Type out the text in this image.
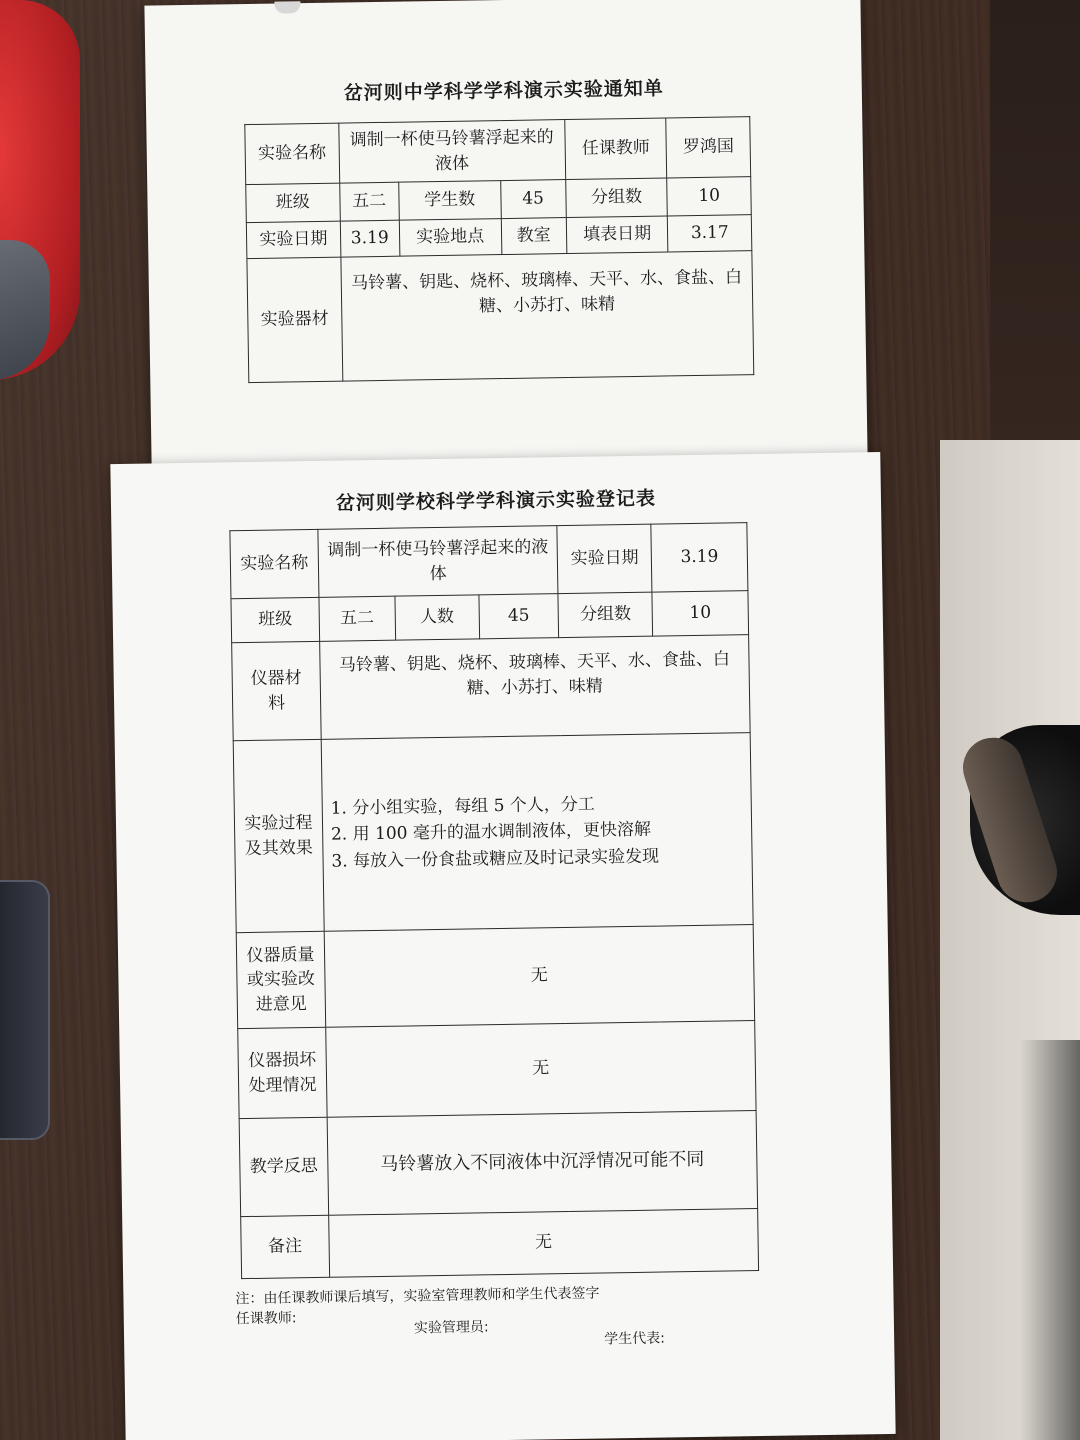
岔河则中学科学学科演示实验通知单
实验名称	调制一杯使马铃薯浮起来的液体			任课教师	罗鸿国
班级	五二	学生数	45	分组数	10
实验日期	3.19	实验地点	教室	填表日期	3.17
实验器材	马铃薯、钥匙、烧杯、玻璃棒、天平、水、食盐、白糖、小苏打、味精				
岔河则学校科学学科演示实验登记表
实验名称	调制一杯使马铃薯浮起来的液体			实验日期	3.19
班级	五二	人数	45	分组数	10
仪器材料	马铃薯、钥匙、烧杯、玻璃棒、天平、水、食盐、白糖、小苏打、味精				
实验过程及其效果	1. 分小组实验，每组 5 个人，分工
2. 用 100 毫升的温水调制液体，更快溶解
3. 每放入一份食盐或糖应及时记录实验发现				

仪器质量或实验改进意见	无				
仪器损坏处理情况	无				
教学反思	马铃薯放入不同液体中沉浮情况可能不同				
备注	无				
注：由任课教师课后填写，实验室管理教师和学生代表签字
任课教师:
实验管理员:
学生代表:
